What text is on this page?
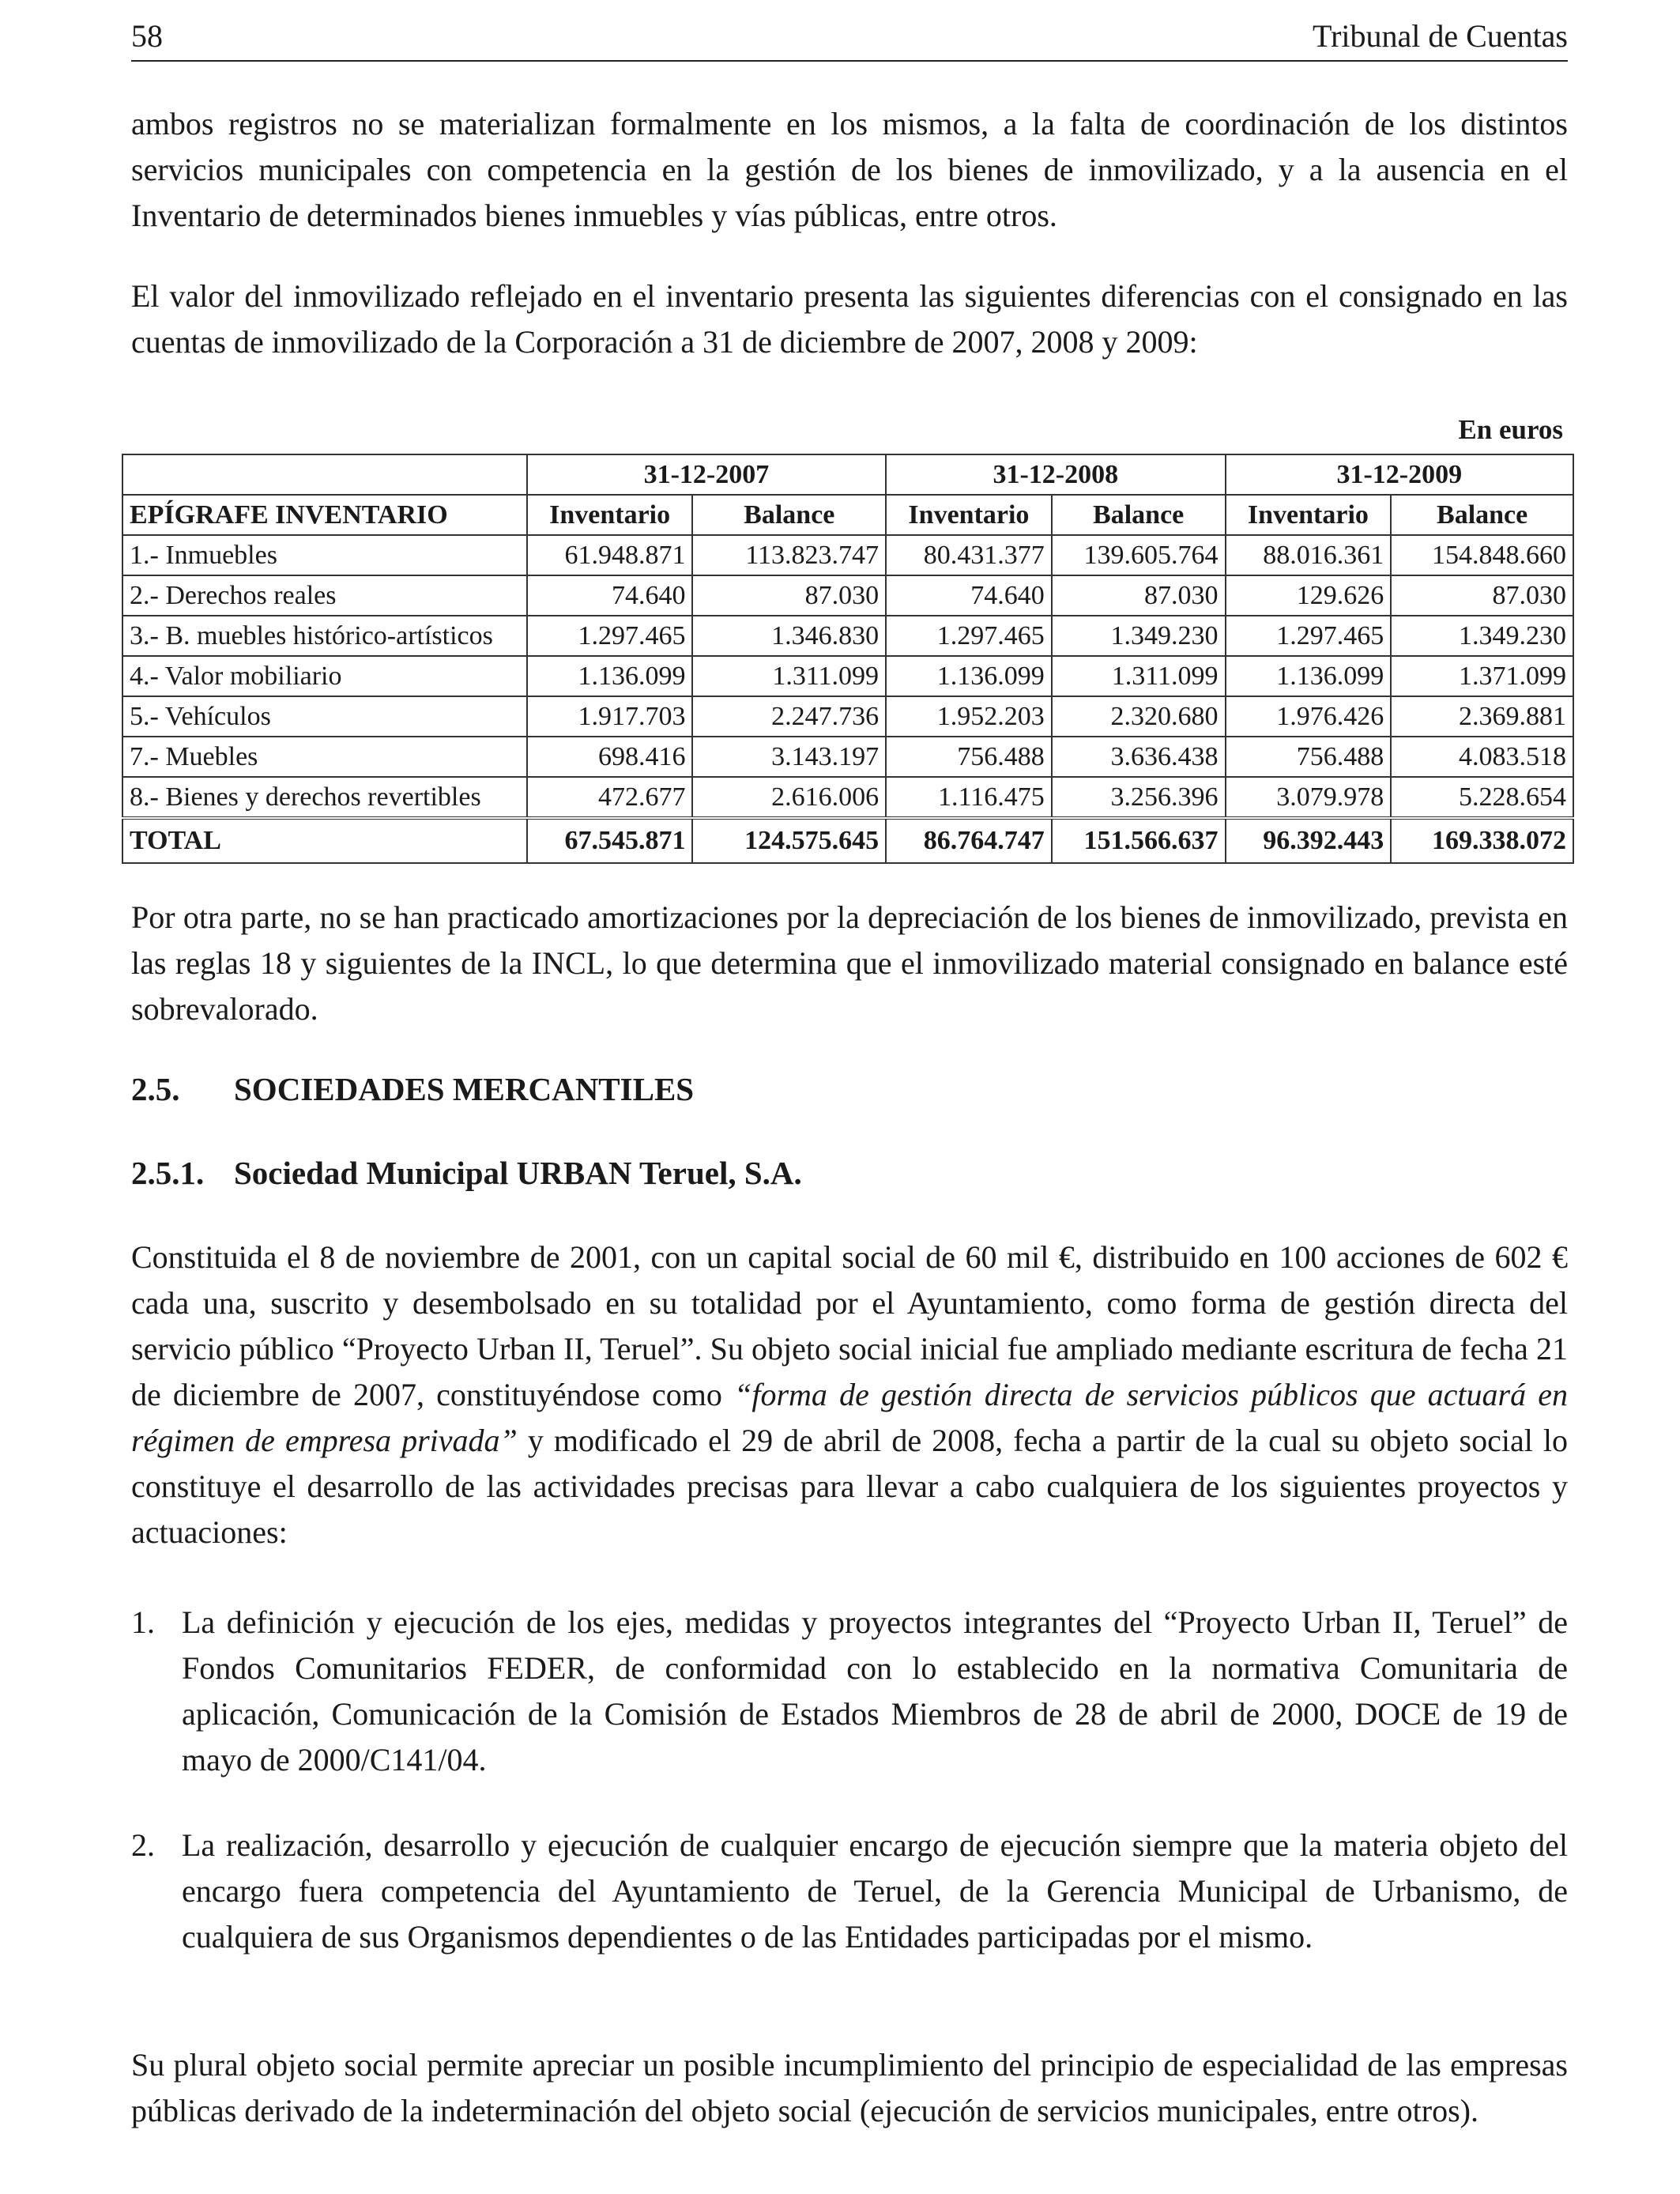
58	Tribunal de Cuentas

ambos registros no se materializan formalmente en los mismos, a la falta de coordinación de los distintos servicios municipales con competencia en la gestión de los bienes de inmovilizado, y a la ausencia en el Inventario de determinados bienes inmuebles y vías públicas, entre otros.

El valor del inmovilizado reflejado en el inventario presenta las siguientes diferencias con el consignado en las cuentas de inmovilizado de la Corporación a 31 de diciembre de 2007, 2008 y 2009:

En euros
	31-12-2007		31-12-2008		31-12-2009	
EPÍGRAFE INVENTARIO	Inventario	Balance	Inventario	Balance	Inventario	Balance
1.- Inmuebles	61.948.871	113.823.747	80.431.377	139.605.764	88.016.361	154.848.660
2.- Derechos reales	74.640	87.030	74.640	87.030	129.626	87.030
3.- B. muebles histórico-artísticos	1.297.465	1.346.830	1.297.465	1.349.230	1.297.465	1.349.230
4.- Valor mobiliario	1.136.099	1.311.099	1.136.099	1.311.099	1.136.099	1.371.099
5.- Vehículos	1.917.703	2.247.736	1.952.203	2.320.680	1.976.426	2.369.881
7.- Muebles	698.416	3.143.197	756.488	3.636.438	756.488	4.083.518
8.- Bienes y derechos revertibles	472.677	2.616.006	1.116.475	3.256.396	3.079.978	5.228.654
TOTAL	67.545.871	124.575.645	86.764.747	151.566.637	96.392.443	169.338.072

Por otra parte, no se han practicado amortizaciones por la depreciación de los bienes de inmovilizado, prevista en las reglas 18 y siguientes de la INCL, lo que determina que el inmovilizado material consignado en balance esté sobrevalorado.

2.5. SOCIEDADES MERCANTILES
2.5.1. Sociedad Municipal URBAN Teruel, S.A.

Constituida el 8 de noviembre de 2001, con un capital social de 60 mil €, distribuido en 100 acciones de 602 € cada una, suscrito y desembolsado en su totalidad por el Ayuntamiento, como forma de gestión directa del servicio público “Proyecto Urban II, Teruel”. Su objeto social inicial fue ampliado mediante escritura de fecha 21 de diciembre de 2007, constituyéndose como “forma de gestión directa de servicios públicos que actuará en régimen de empresa privada” y modificado el 29 de abril de 2008, fecha a partir de la cual su objeto social lo constituye el desarrollo de las actividades precisas para llevar a cabo cualquiera de los siguientes proyectos y actuaciones:

1. La definición y ejecución de los ejes, medidas y proyectos integrantes del “Proyecto Urban II, Teruel” de Fondos Comunitarios FEDER, de conformidad con lo establecido en la normativa Comunitaria de aplicación, Comunicación de la Comisión de Estados Miembros de 28 de abril de 2000, DOCE de 19 de mayo de 2000/C141/04.
2. La realización, desarrollo y ejecución de cualquier encargo de ejecución siempre que la materia objeto del encargo fuera competencia del Ayuntamiento de Teruel, de la Gerencia Municipal de Urbanismo, de cualquiera de sus Organismos dependientes o de las Entidades participadas por el mismo.

Su plural objeto social permite apreciar un posible incumplimiento del principio de especialidad de las empresas públicas derivado de la indeterminación del objeto social (ejecución de servicios municipales, entre otros).
